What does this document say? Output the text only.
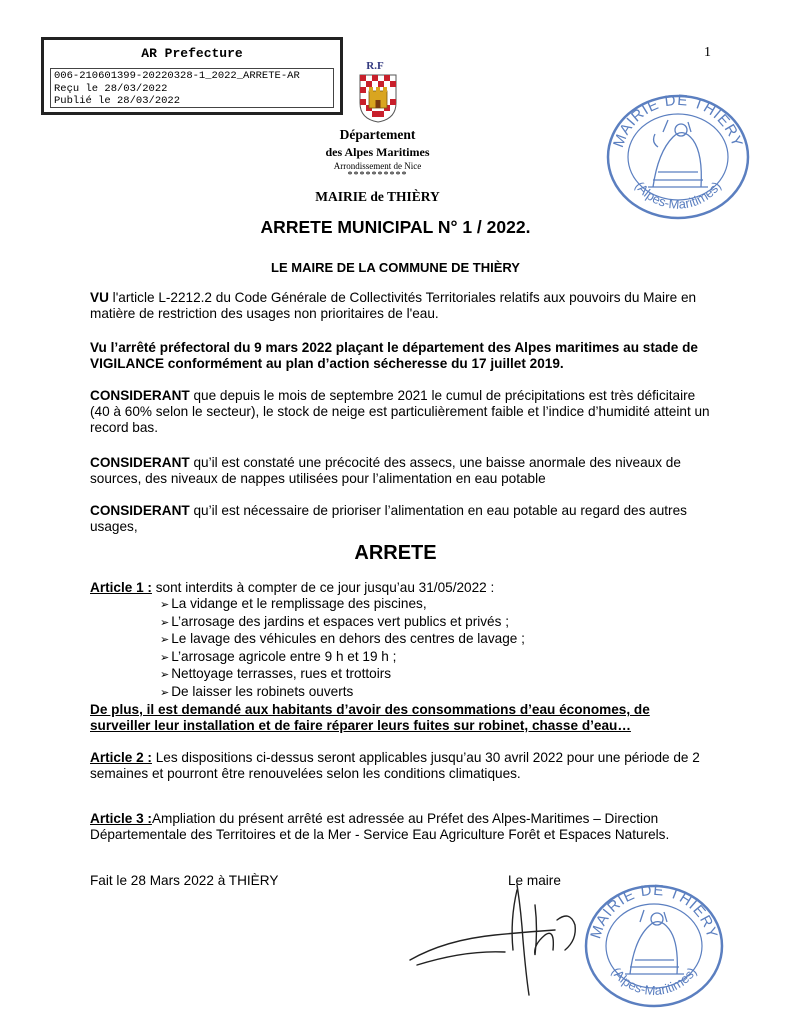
AR Prefecture
006-210601399-20220328-1_2022_ARRETE-AR
Reçu le 28/03/2022
Publié le 28/03/2022
1
R.F
Département
des Alpes Maritimes
Arrondissement de Nice
**********
MAIRIE de THIÈRY
MAIRIE DE THIÈRY
(Alpes-Maritimes)
ARRETE MUNICIPAL N° 1 / 2022.
LE MAIRE DE LA COMMUNE DE THIÈRY
VU l'article L-2212.2 du Code Générale de Collectivités Territoriales relatifs aux pouvoirs du Maire en matière de restriction des usages non prioritaires de l'eau.
Vu l’arrêté préfectoral du 9 mars 2022 plaçant le département des Alpes maritimes au stade de VIGILANCE conformément au plan d’action sécheresse du 17 juillet 2019.
CONSIDERANT que depuis le mois de septembre 2021 le cumul de précipitations est très déficitaire (40 à 60% selon le secteur), le stock de neige est particulièrement faible et l’indice d’humidité atteint un record bas.
CONSIDERANT qu’il est constaté une précocité des assecs, une baisse anormale des niveaux de sources, des niveaux de nappes utilisées pour l’alimentation en eau potable
CONSIDERANT qu’il est nécessaire de prioriser l’alimentation en eau potable au regard des autres usages,
ARRETE
Article 1 : sont interdits à compter de ce jour jusqu’au 31/05/2022 :
➢ La vidange et le remplissage des piscines,
➢ L’arrosage des jardins et espaces vert publics et privés ;
➢ Le lavage des véhicules en dehors des centres de lavage ;
➢ L’arrosage agricole entre 9 h et 19 h ;
➢ Nettoyage terrasses, rues et trottoirs
➢ De laisser les robinets ouverts
De plus, il est demandé aux habitants d’avoir des consommations d’eau économes, de surveiller leur installation et de faire réparer leurs fuites sur robinet, chasse d’eau…
Article 2 : Les dispositions ci-dessus seront applicables jusqu’au 30 avril 2022 pour une période de 2 semaines et pourront être renouvelées selon les conditions climatiques.
Article 3 :Ampliation du présent arrêté est adressée au Préfet des Alpes-Maritimes – Direction Départementale des Territoires et de la Mer - Service Eau Agriculture Forêt et Espaces Naturels.
Fait le 28 Mars 2022 à THIÈRY	Le maire
MAIRIE DE THIÈRY
(Alpes-Maritimes)
